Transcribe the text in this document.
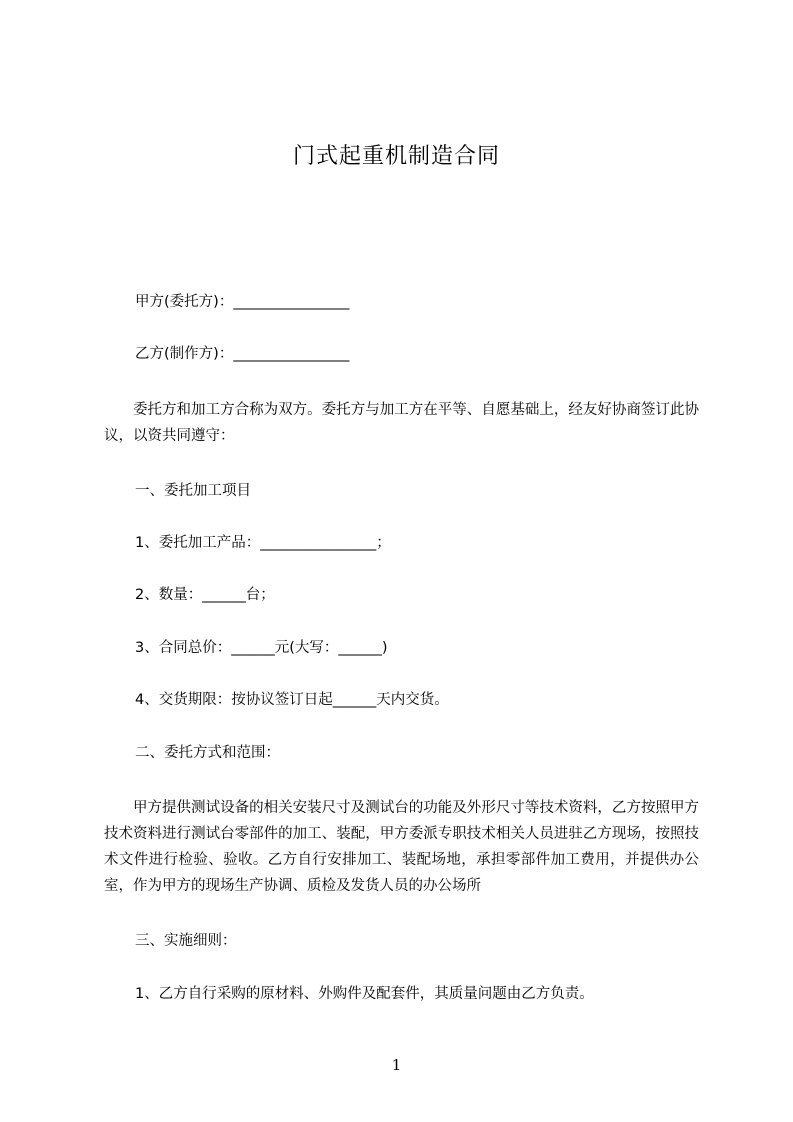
门式起重机制造合同
甲方(委托方)：________________
乙方(制作方)：________________
委托方和加工方合称为双方。委托方与加工方在平等、自愿基础上，经友好协商签订此协议，以资共同遵守：
一、委托加工项目
1、委托加工产品：________________；
2、数量：______台；
3、合同总价：______元(大写：______)
4、交货期限：按协议签订日起______天内交货。
二、委托方式和范围：
甲方提供测试设备的相关安装尺寸及测试台的功能及外形尺寸等技术资料，乙方按照甲方技术资料进行测试台零部件的加工、装配，甲方委派专职技术相关人员进驻乙方现场，按照技术文件进行检验、验收。乙方自行安排加工、装配场地，承担零部件加工费用，并提供办公室，作为甲方的现场生产协调、质检及发货人员的办公场所
三、实施细则：
1、乙方自行采购的原材料、外购件及配套件，其质量问题由乙方负责。
1
